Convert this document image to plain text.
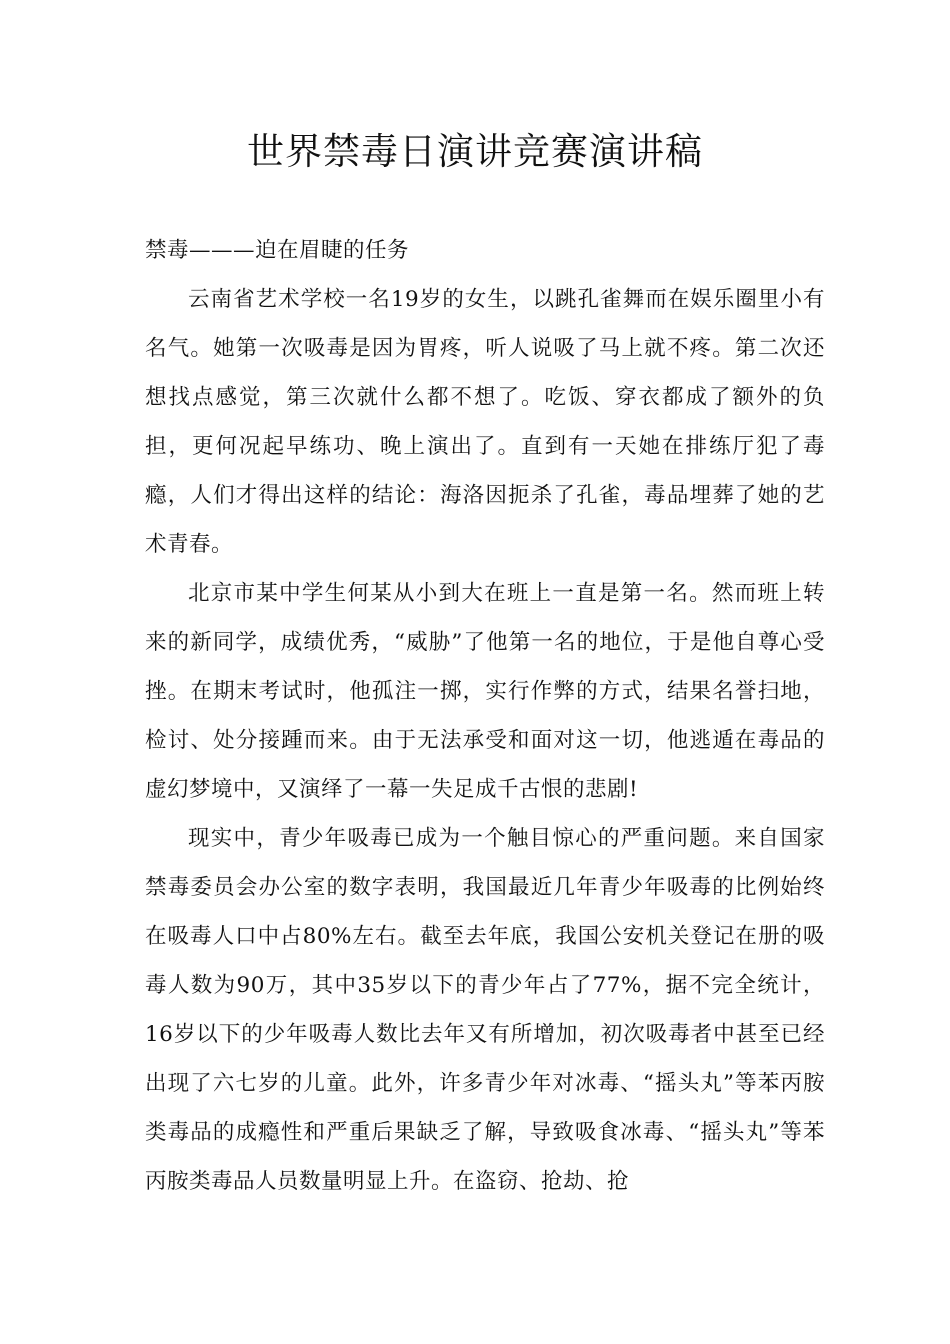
世界禁毒日演讲竞赛演讲稿

禁毒———迫在眉睫的任务

云南省艺术学校一名19岁的女生，以跳孔雀舞而在娱乐圈里小有名气。她第一次吸毒是因为胃疼，听人说吸了马上就不疼。第二次还想找点感觉，第三次就什么都不想了。吃饭、穿衣都成了额外的负担，更何况起早练功、晚上演出了。直到有一天她在排练厅犯了毒瘾，人们才得出这样的结论：海洛因扼杀了孔雀，毒品埋葬了她的艺术青春。

北京市某中学生何某从小到大在班上一直是第一名。然而班上转来的新同学，成绩优秀，“威胁”了他第一名的地位，于是他自尊心受挫。在期末考试时，他孤注一掷，实行作弊的方式，结果名誉扫地，检讨、处分接踵而来。由于无法承受和面对这一切，他逃遁在毒品的虚幻梦境中，又演绎了一幕一失足成千古恨的悲剧!

现实中，青少年吸毒已成为一个触目惊心的严重问题。来自国家禁毒委员会办公室的数字表明，我国最近几年青少年吸毒的比例始终在吸毒人口中占80%左右。截至去年底，我国公安机关登记在册的吸毒人数为90万，其中35岁以下的青少年占了77%，据不完全统计，16岁以下的少年吸毒人数比去年又有所增加，初次吸毒者中甚至已经出现了六七岁的儿童。此外，许多青少年对冰毒、“摇头丸”等苯丙胺类毒品的成瘾性和严重后果缺乏了解，导致吸食冰毒、“摇头丸”等苯丙胺类毒品人员数量明显上升。在盗窃、抢劫、抢
